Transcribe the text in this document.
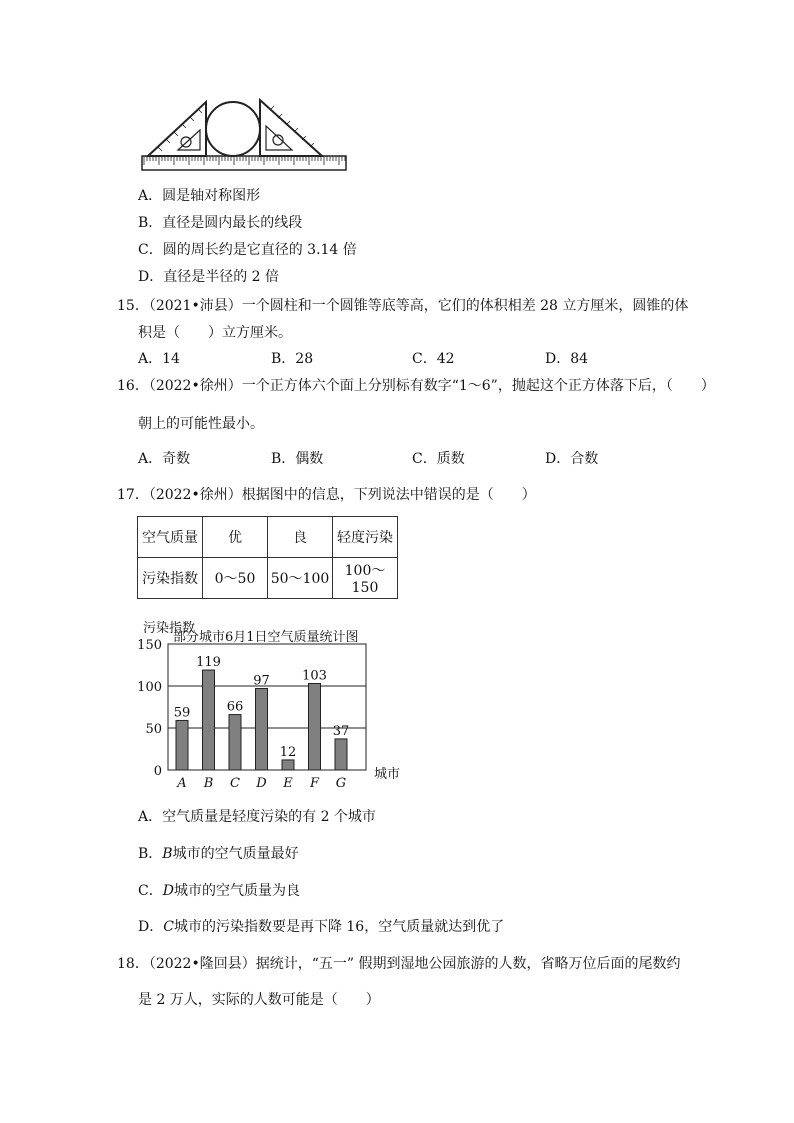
A．圆是轴对称图形
B．直径是圆内最长的线段
C．圆的周长约是它直径的 3.14 倍
D．直径是半径的 2 倍
15．（2021•沛县）一个圆柱和一个圆锥等底等高，它们的体积相差 28 立方厘米，圆锥的体
积是（　　）立方厘米。
A．14	B．28	C．42	D．84
16．（2022•徐州）一个正方体六个面上分别标有数字“1～6”，抛起这个正方体落下后，（　　）
朝上的可能性最小。
A．奇数	B．偶数	C．质数	D．合数
17．（2022•徐州）根据图中的信息，下列说法中错误的是（　　）
空气质量	优	良	轻度污染
污染指数	0～50	50～100	100～150
0
50
100
150
59
A
119
B
66
C
97
D
12
E
103
F
37
G
城市
部分城市6月1日空气质量统计图
污染指数
A．空气质量是轻度污染的有 2 个城市
B．B城市的空气质量最好
C．D城市的空气质量为良
D．C城市的污染指数要是再下降 16，空气质量就达到优了
18．（2022•隆回县）据统计，“五一” 假期到湿地公园旅游的人数，省略万位后面的尾数约
是 2 万人，实际的人数可能是（　　）
